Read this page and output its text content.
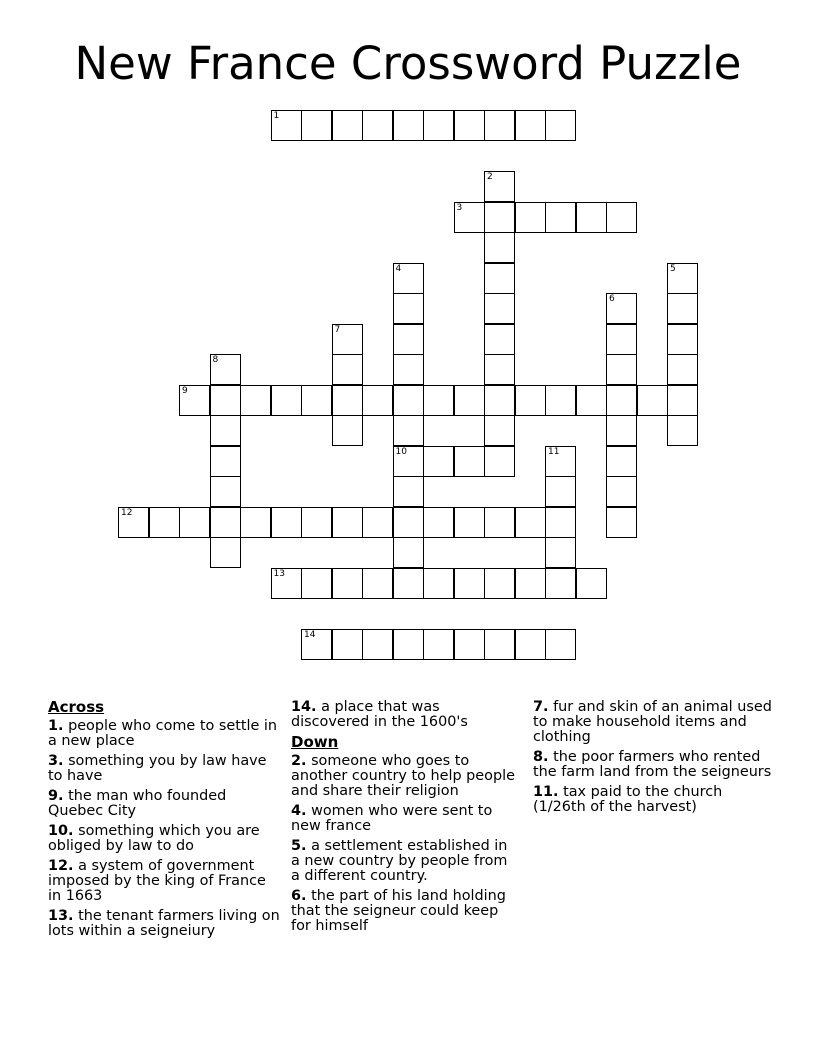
New France Crossword Puzzle
1
2
3
4
10
5
6
7
8
9
11
12
13
14
Across
1. people who come to settle in a new place
3. something you by law have to have
9. the man who founded Quebec City
10. something which you are obliged by law to do
12. a system of government imposed by the king of France in 1663
13. the tenant farmers living on lots within a seigneiury
14. a place that was discovered in the 1600's
Down
2. someone who goes to another country to help people and share their religion
4. women who were sent to new france
5. a settlement established in a new country by people from a different country.
6. the part of his land holding that the seigneur could keep for himself
7. fur and skin of an animal used to make household items and clothing
8. the poor farmers who rented the farm land from the seigneurs
11. tax paid to the church (1/26th of the harvest)
